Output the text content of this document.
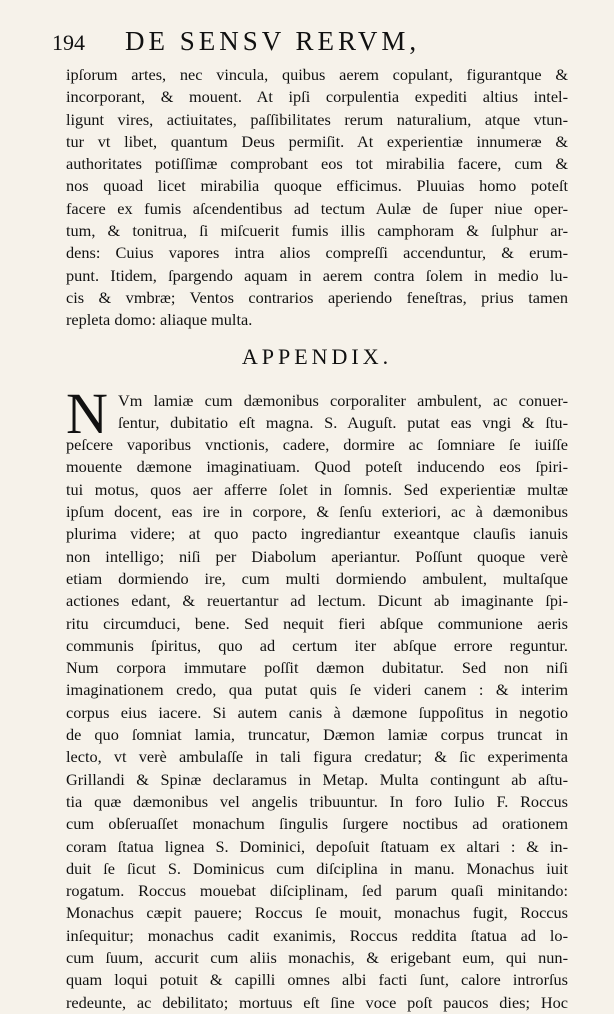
194 DE SENSV RERVM,
ipſorum artes, nec vincula, quibus aerem copulant, figurantque &
incorporant, & mouent. At ipſi corpulentia expediti altius intel-
ligunt vires, actiuitates, paſſibilitates rerum naturalium, atque vtun-
tur vt libet, quantum Deus permiſit. At experientiæ innumeræ &
authoritates potiſſimæ comprobant eos tot mirabilia facere, cum &
nos quoad licet mirabilia quoque efficimus. Pluuias homo poteſt
facere ex fumis aſcendentibus ad tectum Aulæ de ſuper niue oper-
tum, & tonitrua, ſi miſcuerit fumis illis camphoram & ſulphur ar-
dens: Cuius vapores intra alios compreſſi accenduntur, & erum-
punt. Itidem, ſpargendo aquam in aerem contra ſolem in medio lu-
cis & vmbræ; Ventos contrarios aperiendo feneſtras, prius tamen
repleta domo: aliaque multa.
APPENDIX.
N Vm lamiæ cum dæmonibus corporaliter ambulent, ac conuer-
ſentur, dubitatio eſt magna. S. Auguſt. putat eas vngi & ſtu-
peſcere vaporibus vnctionis, cadere, dormire ac ſomniare ſe iuiſſe
mouente dæmone imaginatiuam. Quod poteſt inducendo eos ſpiri-
tui motus, quos aer afferre ſolet in ſomnis. Sed experientiæ multæ
ipſum docent, eas ire in corpore, & ſenſu exteriori, ac à dæmonibus
plurima videre; at quo pacto ingrediantur exeantque clauſis ianuis
non intelligo; niſi per Diabolum aperiantur. Poſſunt quoque verè
etiam dormiendo ire, cum multi dormiendo ambulent, multaſque
actiones edant, & reuertantur ad lectum. Dicunt ab imaginante ſpi-
ritu circumduci, bene. Sed nequit fieri abſque communione aeris
communis ſpiritus, quo ad certum iter abſque errore reguntur.
Num corpora immutare poſſit dæmon dubitatur. Sed non niſi
imaginationem credo, qua putat quis ſe videri canem : & interim
corpus eius iacere. Si autem canis à dæmone ſuppoſitus in negotio
de quo ſomniat lamia, truncatur, Dæmon lamiæ corpus truncat in
lecto, vt verè ambulaſſe in tali figura credatur; & ſic experimenta
Grillandi & Spinæ declaramus in Metap. Multa contingunt ab aſtu-
tia quæ dæmonibus vel angelis tribuuntur. In foro Iulio F. Roccus
cum obſeruaſſet monachum ſingulis ſurgere noctibus ad orationem
coram ſtatua lignea S. Dominici, depoſuit ſtatuam ex altari : & in-
duit ſe ſicut S. Dominicus cum diſciplina in manu. Monachus iuit
rogatum. Roccus mouebat diſciplinam, ſed parum quaſi minitando:
Monachus cæpit pauere; Roccus ſe mouit, monachus fugit, Roccus
inſequitur; monachus cadit exanimis, Roccus reddita ſtatua ad lo-
cum ſuum, accurit cum aliis monachis, & erigebant eum, qui nun-
quam loqui potuit & capilli omnes albi facti ſunt, calore introrſus
redeunte, ac debilitato; mortuus eſt ſine voce poſt paucos dies; Hoc
